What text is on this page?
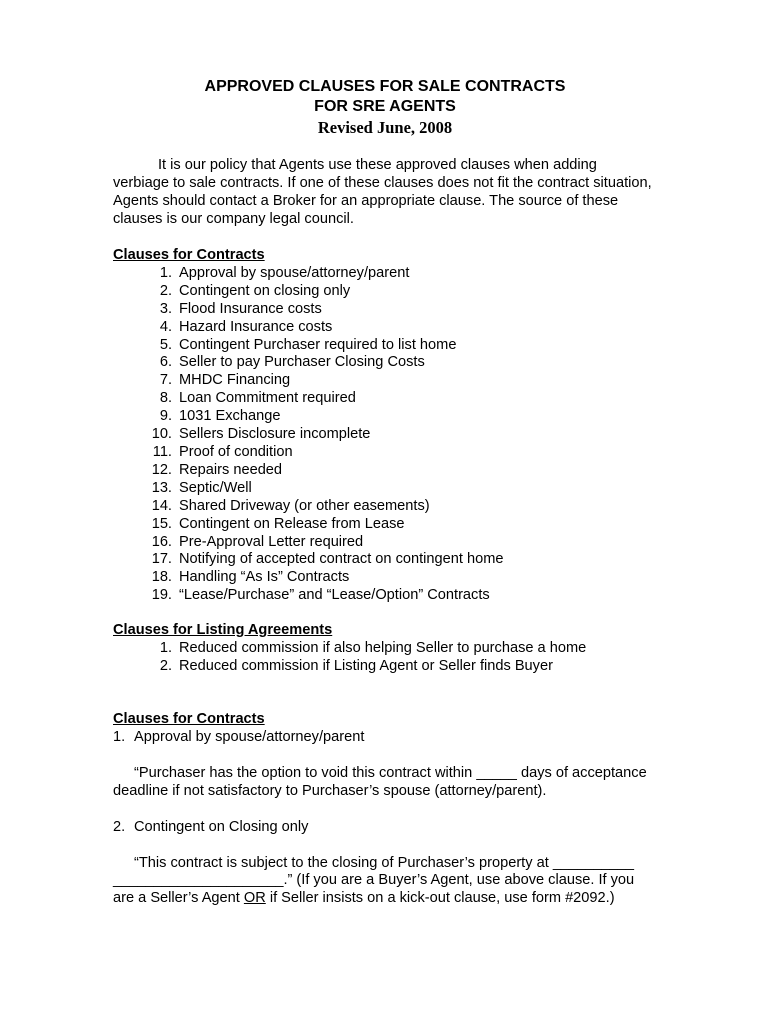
APPROVED CLAUSES FOR SALE CONTRACTS

FOR SRE AGENTS

Revised June, 2008

It is our policy that Agents use these approved clauses when adding verbiage to sale contracts. If one of these clauses does not fit the contract situation, Agents should contact a Broker for an appropriate clause. The source of these clauses is our company legal council.

Clauses for Contracts

1. Approval by spouse/attorney/parent
2. Contingent on closing only
3. Flood Insurance costs
4. Hazard Insurance costs
5. Contingent Purchaser required to list home
6. Seller to pay Purchaser Closing Costs
7. MHDC Financing
8. Loan Commitment required
9. 1031 Exchange
10. Sellers Disclosure incomplete
11. Proof of condition
12. Repairs needed
13. Septic/Well
14. Shared Driveway (or other easements)
15. Contingent on Release from Lease
16. Pre-Approval Letter required
17. Notifying of accepted contract on contingent home
18. Handling “As Is” Contracts
19. “Lease/Purchase” and “Lease/Option” Contracts

Clauses for Listing Agreements

1. Reduced commission if also helping Seller to purchase a home
2. Reduced commission if Listing Agent or Seller finds Buyer

Clauses for Contracts

1. Approval by spouse/attorney/parent

“Purchaser has the option to void this contract within _____ days of acceptance deadline if not satisfactory to Purchaser’s spouse (attorney/parent).

2. Contingent on Closing only

“This contract is subject to the closing of Purchaser’s property at __________ _____________________.” (If you are a Buyer’s Agent, use above clause. If you are a Seller’s Agent OR if Seller insists on a kick-out clause, use form #2092.)
